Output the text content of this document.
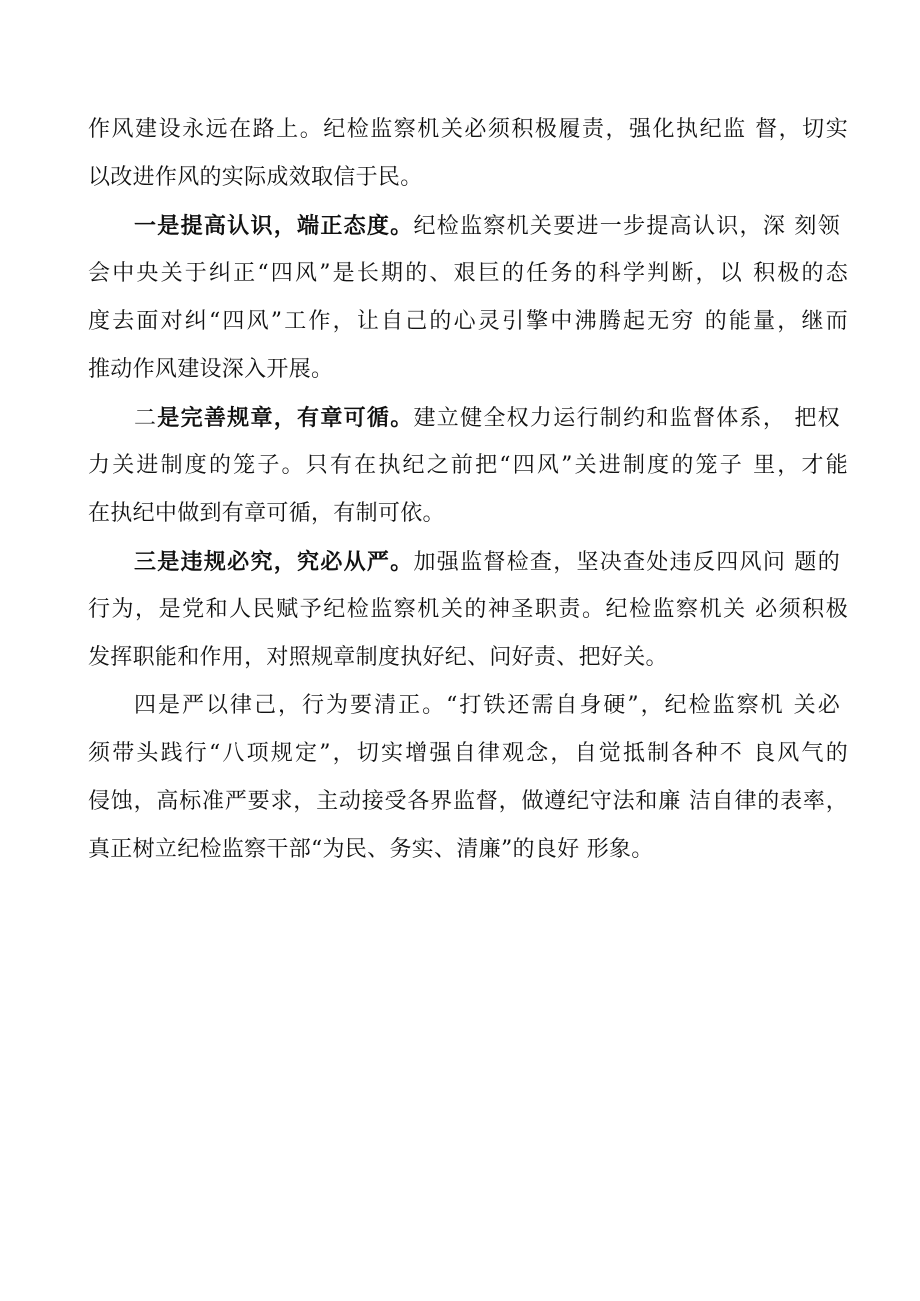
作风建设永远在路上。纪检监察机关必须积极履责，强化执纪监 督，切实
以改进作风的实际成效取信于民。
一是提高认识，端正态度。纪检监察机关要进一步提高认识，深 刻领
会中央关于纠正“四风”是长期的、艰巨的任务的科学判断，以 积极的态
度去面对纠“四风”工作，让自己的心灵引擎中沸腾起无穷 的能量，继而
推动作风建设深入开展。
二是完善规章，有章可循。建立健全权力运行制约和监督体系， 把权
力关进制度的笼子。只有在执纪之前把“四风”关进制度的笼子 里，才能
在执纪中做到有章可循，有制可依。
三是违规必究，究必从严。加强监督检查，坚决查处违反四风问 题的
行为，是党和人民赋予纪检监察机关的神圣职责。纪检监察机关 必须积极
发挥职能和作用，对照规章制度执好纪、问好责、把好关。
四是严以律己，行为要清正。“打铁还需自身硬”，纪检监察机 关必
须带头践行“八项规定”，切实增强自律观念，自觉抵制各种不 良风气的
侵蚀，高标准严要求，主动接受各界监督，做遵纪守法和廉 洁自律的表率，
真正树立纪检监察干部“为民、务实、清廉”的良好 形象。
